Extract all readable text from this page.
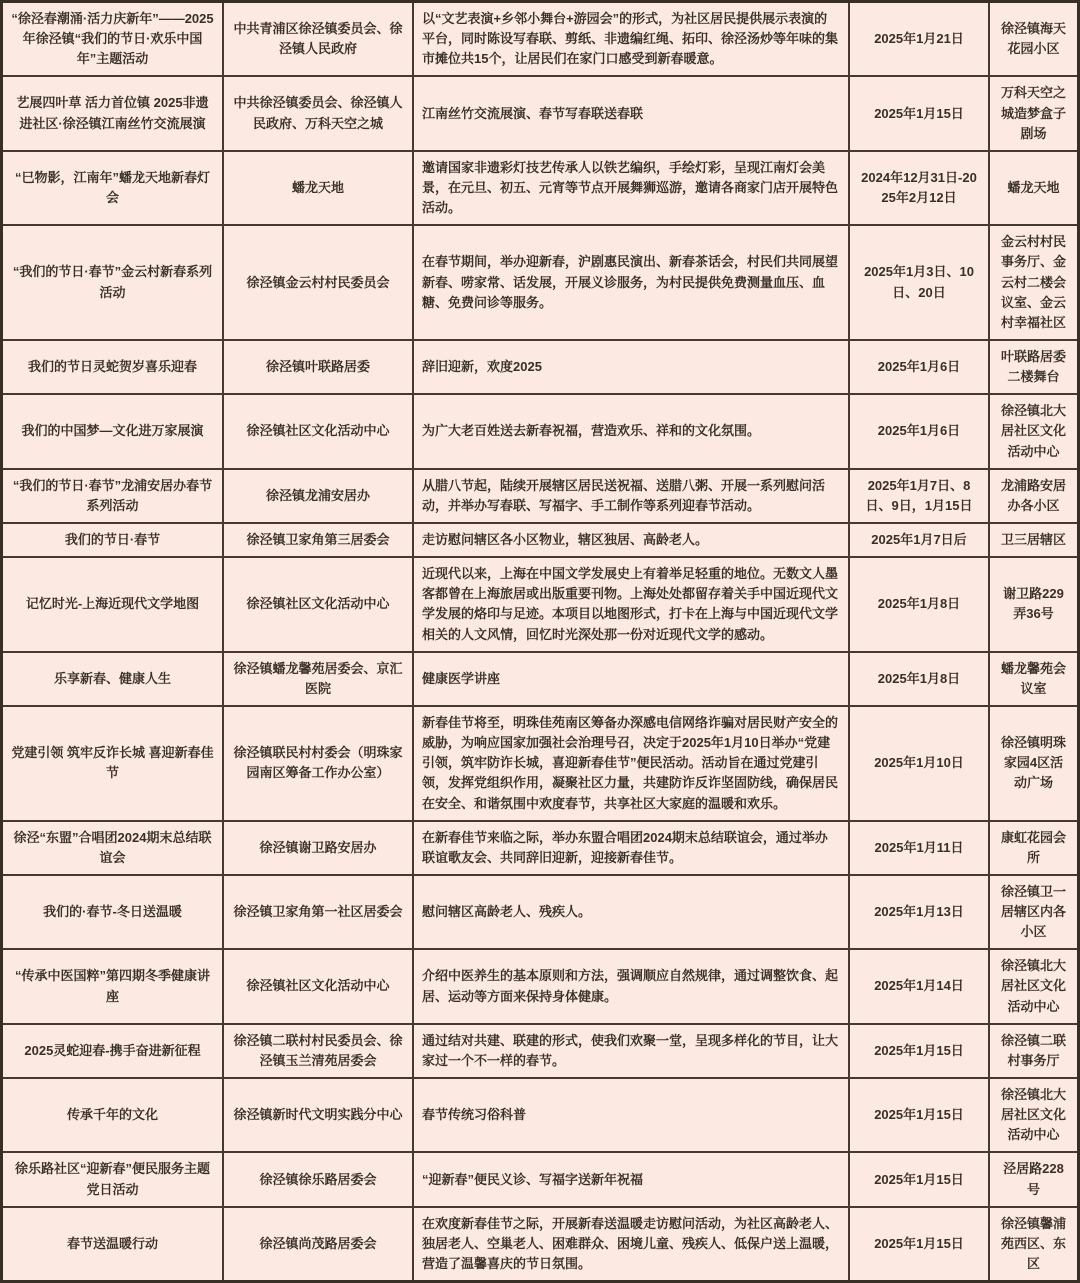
“徐泾春潮涌·活力庆新年”——2025年徐泾镇“我们的节日·欢乐中国年”主题活动	中共青浦区徐泾镇委员会、徐泾镇人民政府	以“文艺表演+乡邻小舞台+游园会”的形式，为社区居民提供展示表演的平台，同时陈设写春联、剪纸、非遗编红绳、拓印、徐泾汤炒等年味的集市摊位共15个，让居民们在家门口感受到新春暖意。	2025年1月21日	徐泾镇海天花园小区
艺展四叶草 活力首位镇 2025非遗进社区·徐泾镇江南丝竹交流展演	中共徐泾镇委员会、徐泾镇人民政府、万科天空之城	江南丝竹交流展演、春节写春联送春联	2025年1月15日	万科天空之城造梦盒子剧场
“巳物影，江南年”蟠龙天地新春灯会	蟠龙天地	邀请国家非遗彩灯技艺传承人以铁艺编织，手绘灯彩，呈现江南灯会美景，在元旦、初五、元宵等节点开展舞狮巡游，邀请各商家门店开展特色活动。	2024年12月31日-2025年2月12日	蟠龙天地
“我们的节日·春节”金云村新春系列活动	徐泾镇金云村村民委员会	在春节期间，举办迎新春，沪剧惠民演出、新春茶话会，村民们共同展望新春、唠家常、话发展，开展义诊服务，为村民提供免费测量血压、血糖、免费问诊等服务。	2025年1月3日、10日、20日	金云村村民事务厅、金云村二楼会议室、金云村幸福社区
我们的节日灵蛇贺岁喜乐迎春	徐泾镇叶联路居委	辞旧迎新，欢度2025	2025年1月6日	叶联路居委二楼舞台
我们的中国梦—文化进万家展演	徐泾镇社区文化活动中心	为广大老百姓送去新春祝福，营造欢乐、祥和的文化氛围。	2025年1月6日	徐泾镇北大居社区文化活动中心
“我们的节日·春节”龙浦安居办春节系列活动	徐泾镇龙浦安居办	从腊八节起，陆续开展辖区居民送祝福、送腊八粥、开展一系列慰问活动，并举办写春联、写福字、手工制作等系列迎春节活动。	2025年1月7日、8日、9日，1月15日	龙浦路安居办各小区
我们的节日·春节	徐泾镇卫家角第三居委会	走访慰问辖区各小区物业，辖区独居、高龄老人。	2025年1月7日后	卫三居辖区
记忆时光-上海近现代文学地图	徐泾镇社区文化活动中心	近现代以来，上海在中国文学发展史上有着举足轻重的地位。无数文人墨客都曾在上海旅居或出版重要刊物。上海处处都留存着关手中国近现代文学发展的烙印与足迹。本项目以地图形式，打卡在上海与中国近现代文学相关的人文风情，回忆时光深处那一份对近现代文学的感动。	2025年1月8日	谢卫路229弄36号
乐享新春、健康人生	徐泾镇蟠龙馨苑居委会、京汇医院	健康医学讲座	2025年1月8日	蟠龙馨苑会议室
党建引领 筑牢反诈长城 喜迎新春佳节	徐泾镇联民村村委会（明珠家园南区筹备工作办公室）	新春佳节将至，明珠佳苑南区筹备办深感电信网络诈骗对居民财产安全的威胁，为响应国家加强社会治理号召，决定于2025年1月10日举办“党建引领，筑牢防诈长城，喜迎新春佳节”便民活动。活动旨在通过党建引领，发挥党组织作用，凝聚社区力量，共建防诈反诈坚固防线，确保居民在安全、和谐氛围中欢度春节，共享社区大家庭的温暖和欢乐。	2025年1月10日	徐泾镇明珠家园4区活动广场
徐泾“东盟”合唱团2024期末总结联谊会	徐泾镇谢卫路安居办	在新春佳节来临之际，举办东盟合唱团2024期末总结联谊会，通过举办联谊歌友会、共同辞旧迎新，迎接新春佳节。	2025年1月11日	康虹花园会所
我们的·春节-冬日送温暖	徐泾镇卫家角第一社区居委会	慰问辖区高龄老人、残疾人。	2025年1月13日	徐泾镇卫一居辖区内各小区
“传承中医国粹”第四期冬季健康讲座	徐泾镇社区文化活动中心	介绍中医养生的基本原则和方法，强调顺应自然规律，通过调整饮食、起居、运动等方面来保持身体健康。	2025年1月14日	徐泾镇北大居社区文化活动中心
2025灵蛇迎春-携手奋进新征程	徐泾镇二联村村民委员会、徐泾镇玉兰清苑居委会	通过结对共建、联建的形式，使我们欢聚一堂，呈现多样化的节目，让大家过一个不一样的春节。	2025年1月15日	徐泾镇二联村事务厅
传承千年的文化	徐泾镇新时代文明实践分中心	春节传统习俗科普	2025年1月15日	徐泾镇北大居社区文化活动中心
徐乐路社区“迎新春”便民服务主题党日活动	徐泾镇徐乐路居委会	“迎新春”便民义诊、写福字送新年祝福	2025年1月15日	泾居路228号
春节送温暖行动	徐泾镇尚茂路居委会	在欢度新春佳节之际，开展新春送温暖走访慰问活动，为社区高龄老人、独居老人、空巢老人、困难群众、困境儿童、残疾人、低保户送上温暖，营造了温馨喜庆的节日氛围。	2025年1月15日	徐泾镇馨浦苑西区、东区
